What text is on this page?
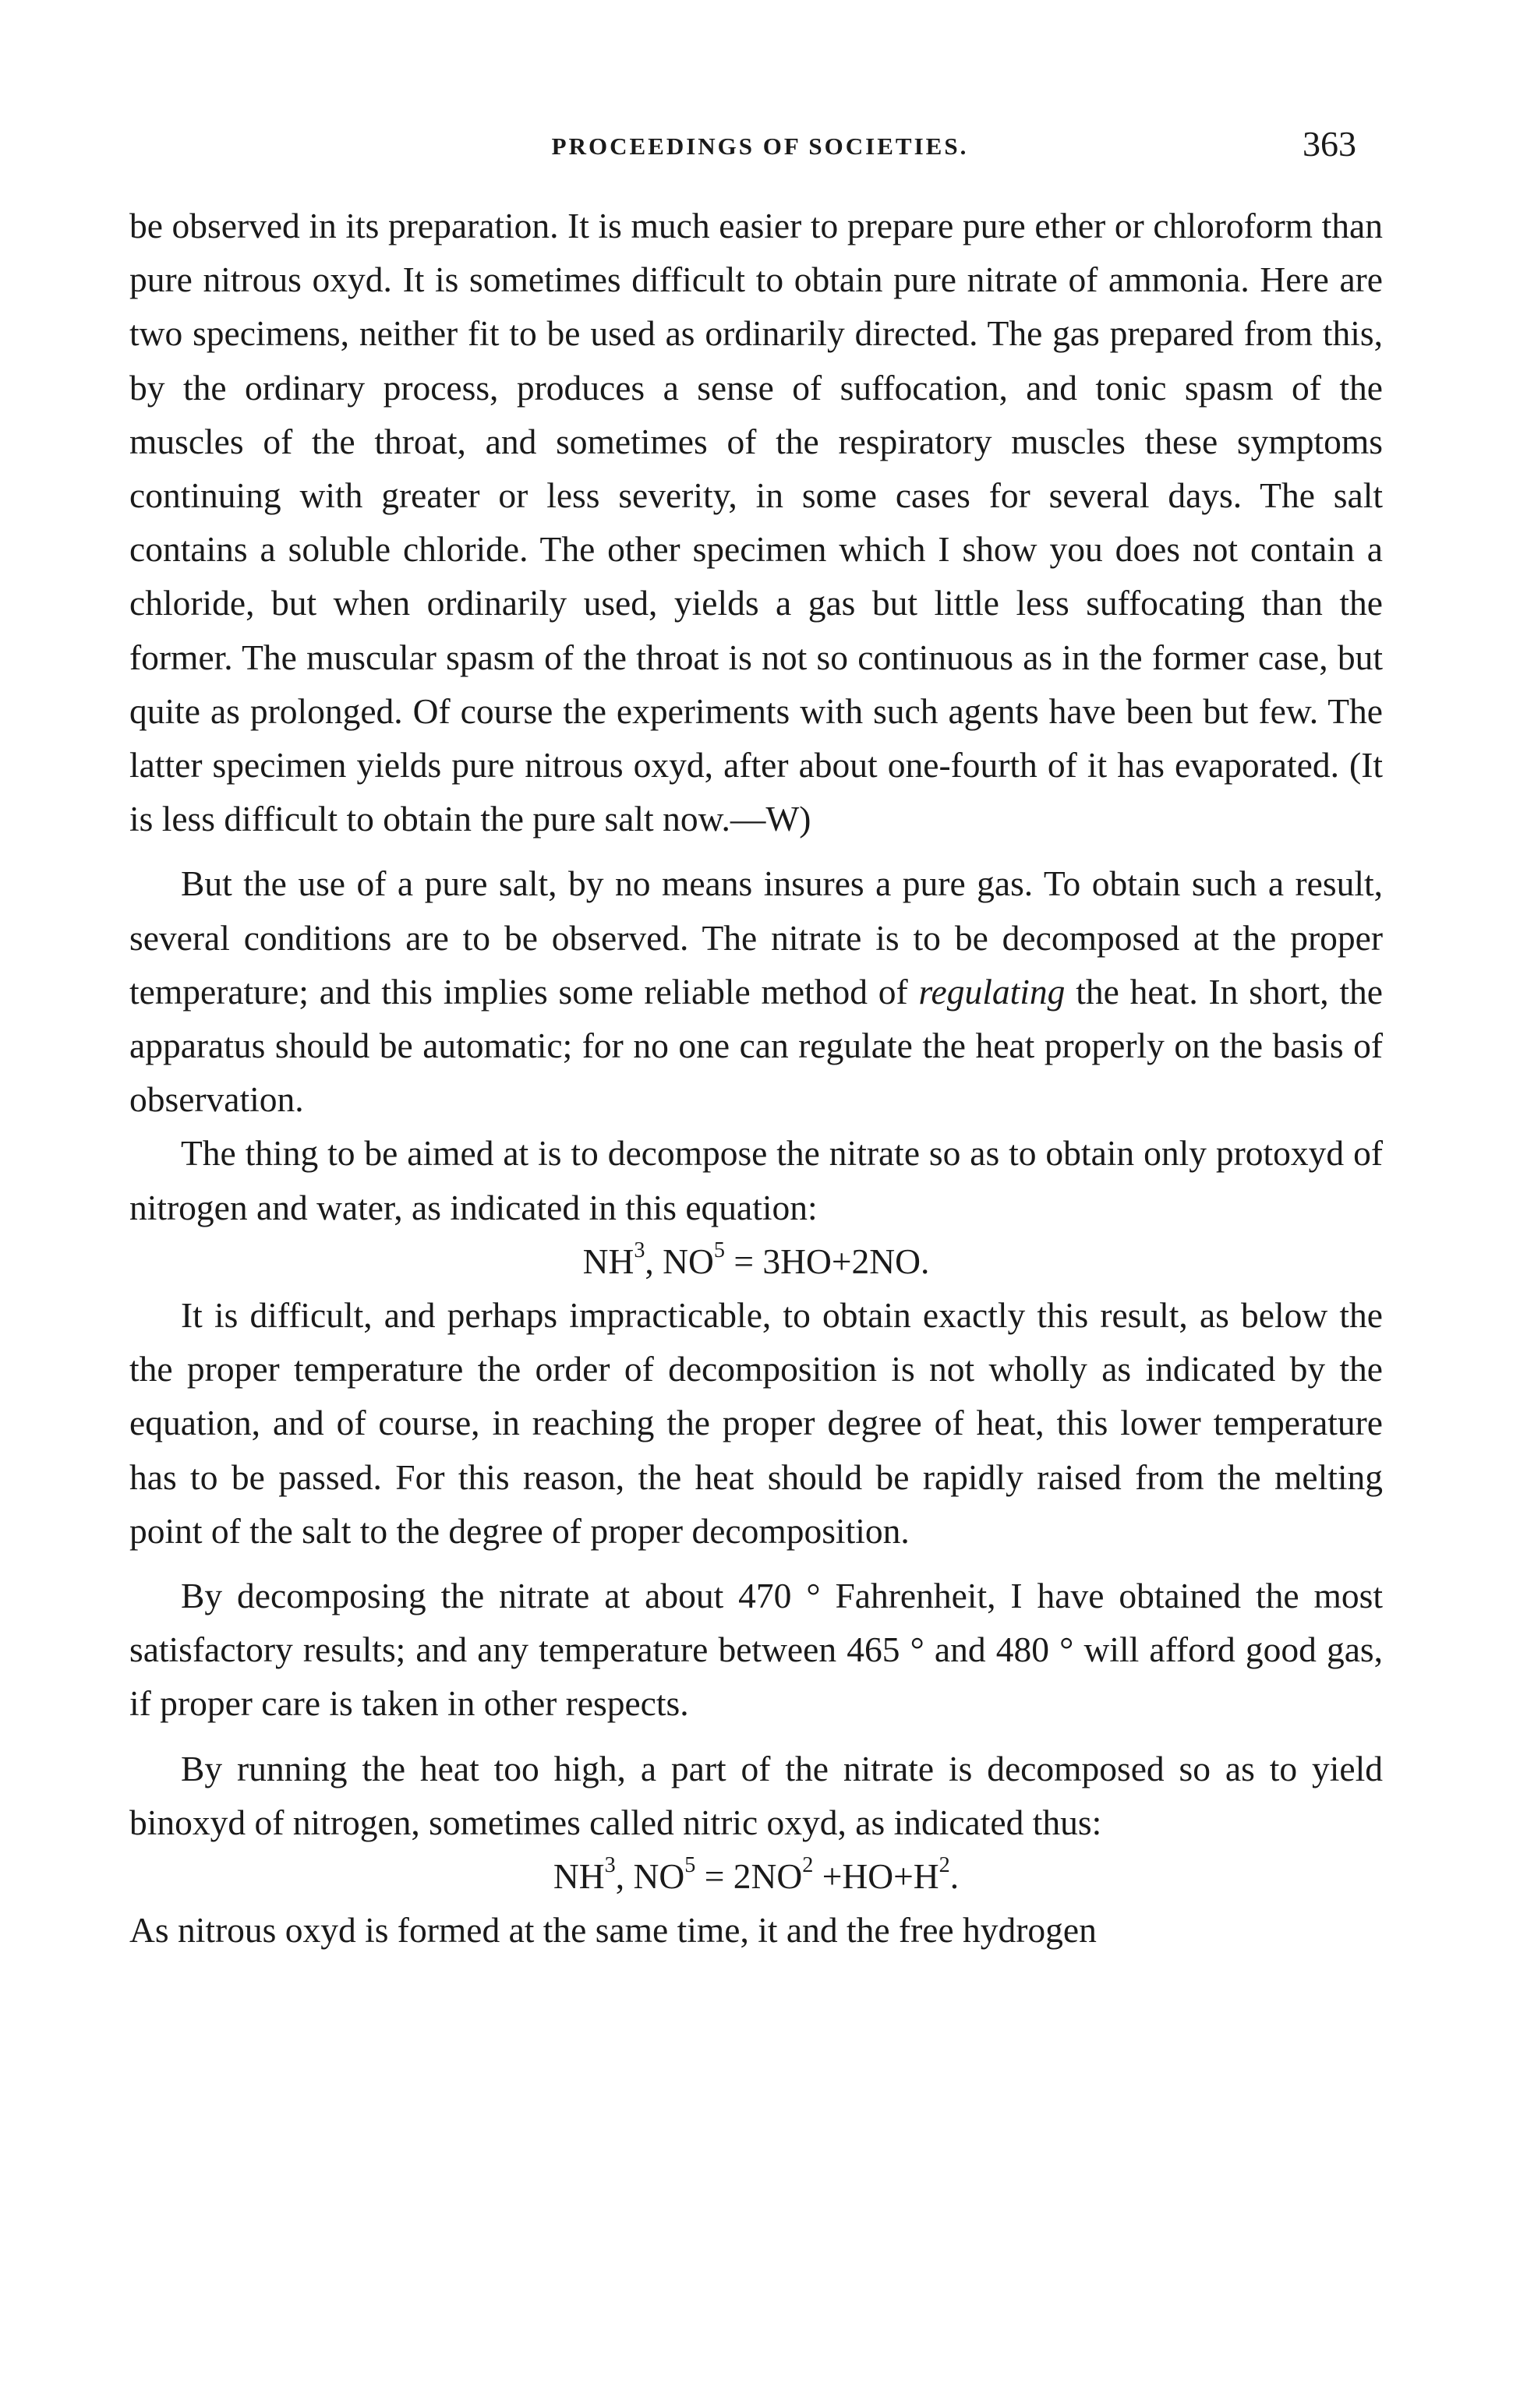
PROCEEDINGS OF SOCIETIES.	363

be observed in its preparation. It is much easier to prepare pure ether or chloroform than pure nitrous oxyd. It is sometimes difficult to obtain pure nitrate of ammonia. Here are two specimens, neither fit to be used as ordinarily directed. The gas prepared from this, by the ordinary process, produces a sense of suffocation, and tonic spasm of the muscles of the throat, and sometimes of the respiratory muscles these symptoms continuing with greater or less severity, in some cases for several days. The salt contains a soluble chloride. The other specimen which I show you does not contain a chloride, but when ordinarily used, yields a gas but little less suffocating than the former. The muscular spasm of the throat is not so continuous as in the former case, but quite as prolonged. Of course the experiments with such agents have been but few. The latter specimen yields pure nitrous oxyd, after about one-fourth of it has evaporated. (It is less difficult to obtain the pure salt now.—W)

But the use of a pure salt, by no means insures a pure gas. To obtain such a result, several conditions are to be observed. The nitrate is to be decomposed at the proper temperature; and this implies some reliable method of regulating the heat. In short, the apparatus should be automatic; for no one can regulate the heat properly on the basis of observation.

The thing to be aimed at is to decompose the nitrate so as to obtain only protoxyd of nitrogen and water, as indicated in this equation:

$NH^3$, $NO^5 = 3HO+2NO$.

It is difficult, and perhaps impracticable, to obtain exactly this result, as below the the proper temperature the order of decomposition is not wholly as indicated by the equation, and of course, in reaching the proper degree of heat, this lower temperature has to be passed. For this reason, the heat should be rapidly raised from the melting point of the salt to the degree of proper decomposition.

By decomposing the nitrate at about 470 ° Fahrenheit, I have obtained the most satisfactory results; and any temperature between 465 ° and 480 ° will afford good gas, if proper care is taken in other respects.

By running the heat too high, a part of the nitrate is decomposed so as to yield binoxyd of nitrogen, sometimes called nitric oxyd, as indicated thus:

$NH^3$, $NO^5 = 2NO^2 +HO+H^2$.

As nitrous oxyd is formed at the same time, it and the free hydrogen
